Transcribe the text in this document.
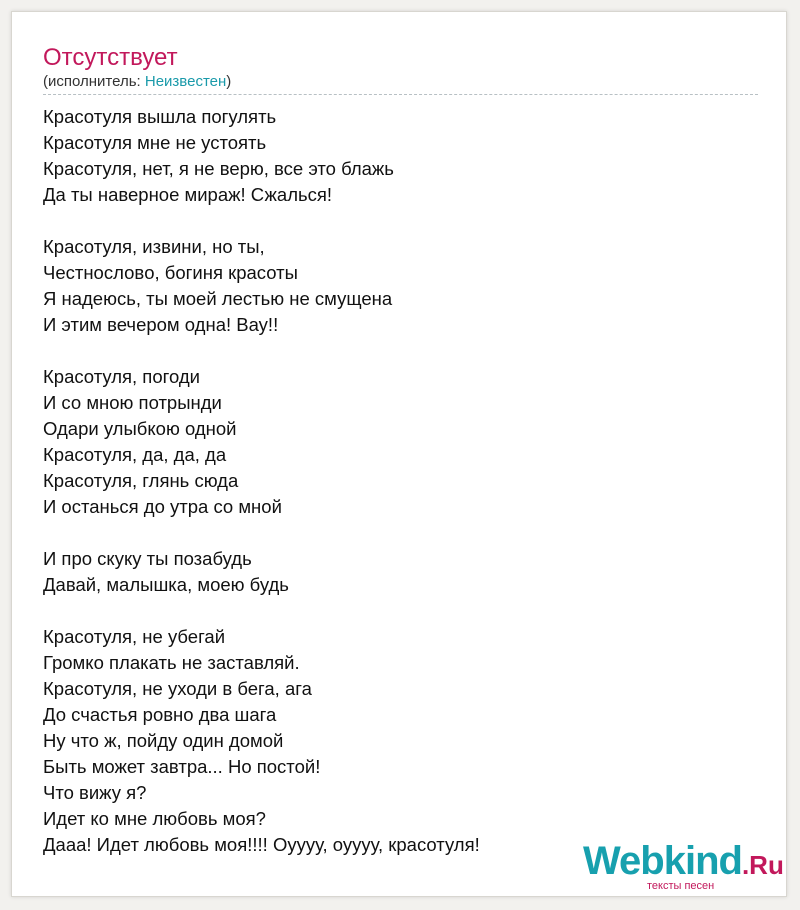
Отсутствует
(исполнитель: Неизвестен)
Красотуля вышла погулять
Красотуля мне не устоять
Красотуля, нет, я не верю, все это блажь
Да ты наверное мираж! Сжалься!
Красотуля, извини, но ты,
Честнословo, богиня красоты
Я надеюсь, ты моей лестью не смущена
И этим вечером одна! Вау!!
Красотуля, погоди
И со мною потрынди
Одари улыбкою одной
Красотуля, да, да, да
Красотуля, глянь сюда
И останься до утра со мной
И про скуку ты позабудь
Давай, малышка, моею будь
Красотуля, не убегай
Громко плакать не заставляй.
Красотуля, не уходи в бега, ага
До счастья ровно два шага
Ну что ж, пойду один домой
Быть может завтра... Но постой!
Что вижу я?
Идет ко мне любовь моя?
Дааа! Идет любовь моя!!!! Оуууу, оуууу, красотуля!	Webkind.Ru
тексты песен
